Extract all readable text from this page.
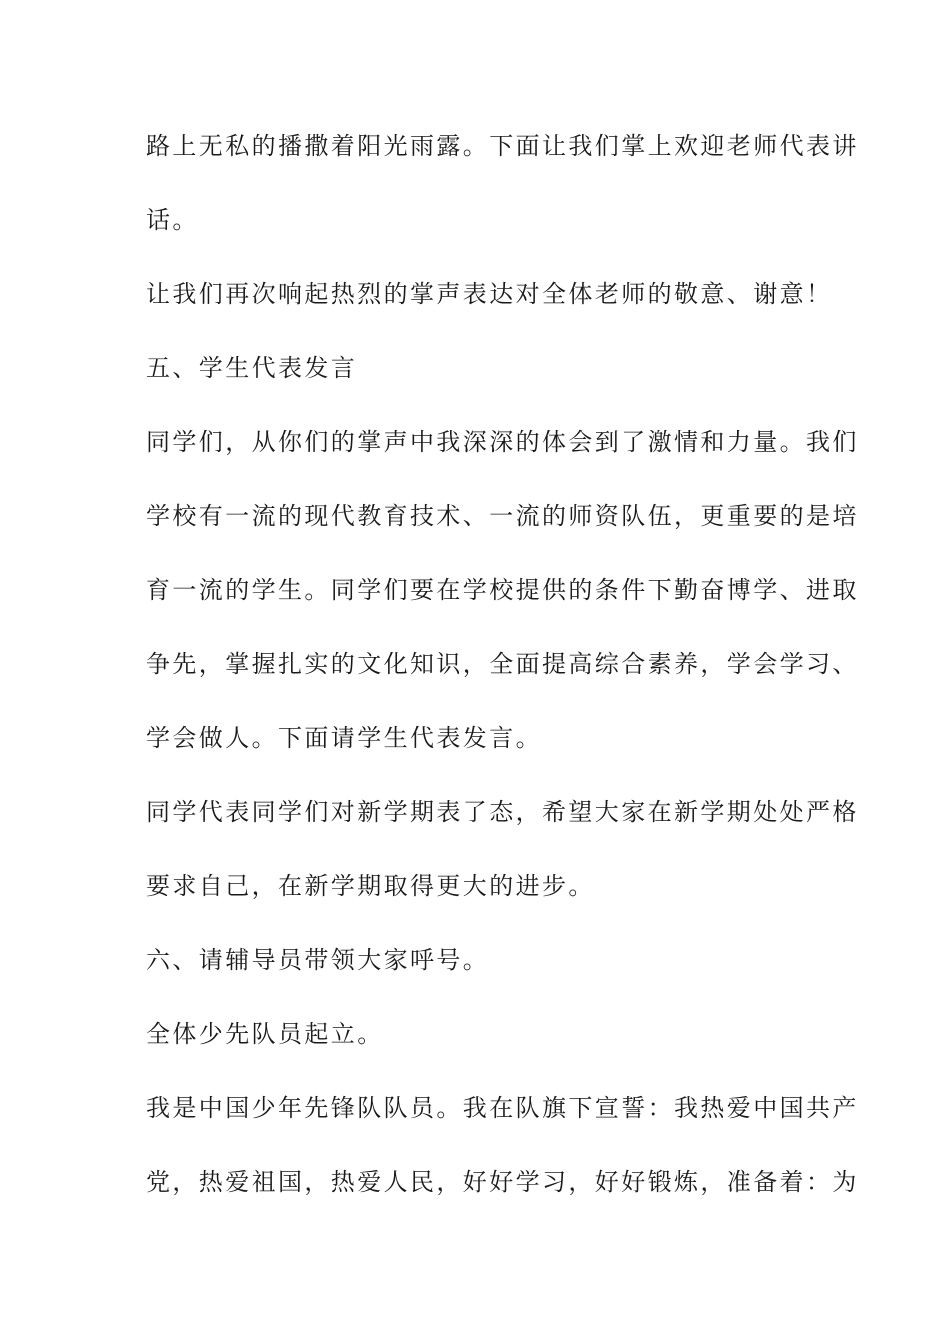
路上无私的播撒着阳光雨露。下面让我们掌上欢迎老师代表讲

话。

让我们再次响起热烈的掌声表达对全体老师的敬意、谢意！

五、学生代表发言

同学们，从你们的掌声中我深深的体会到了激情和力量。我们

学校有一流的现代教育技术、一流的师资队伍，更重要的是培

育一流的学生。同学们要在学校提供的条件下勤奋博学、进取

争先，掌握扎实的文化知识，全面提高综合素养，学会学习、

学会做人。下面请学生代表发言。

同学代表同学们对新学期表了态，希望大家在新学期处处严格

要求自己，在新学期取得更大的进步。

六、请辅导员带领大家呼号。

全体少先队员起立。

我是中国少年先锋队队员。我在队旗下宣誓：我热爱中国共产

党，热爱祖国，热爱人民，好好学习，好好锻炼，准备着：为
